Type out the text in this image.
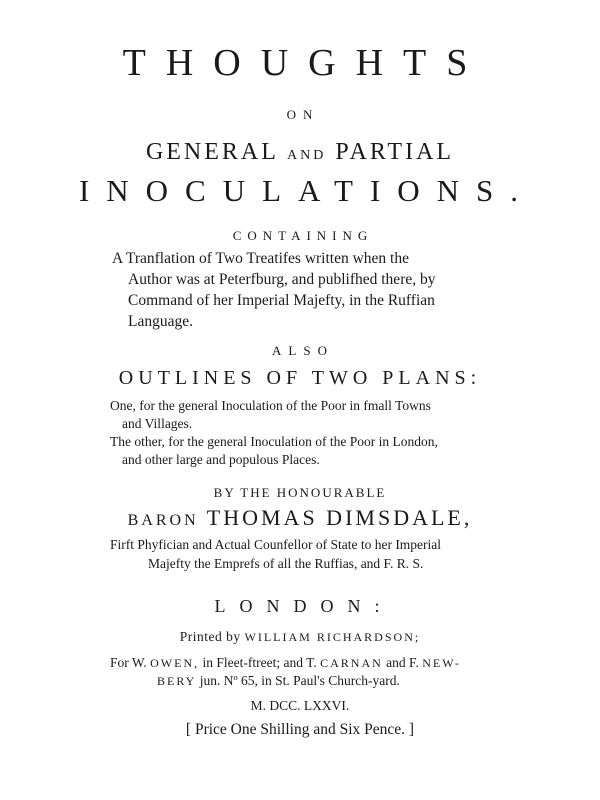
THOUGHTS
ON
GENERAL AND PARTIAL
INOCULATIONS.
CONTAINING
A Tranflation of Two Treatifes written when the
Author was at Peterfburg, and publifhed there, by
Command of her Imperial Majefty, in the Ruffian
Language.
ALSO
OUTLINES OF TWO PLANS:
One, for the general Inoculation of the Poor in fmall Towns
and Villages.
The other, for the general Inoculation of the Poor in London,
and other large and populous Places.
BY THE HONOURABLE
BARON THOMAS DIMSDALE,
Firft Phyfician and Actual Counfellor of State to her Imperial
Majefty the Emprefs of all the Ruffias, and F. R. S.
LONDON:
Printed by WILLIAM RICHARDSON;
For W. OWEN, in Fleet-ftreet; and T. CARNAN and F. NEW-
BERY jun. Nº 65, in St. Paul's Church-yard.
M. DCC. LXXVI.
[ Price One Shilling and Six Pence. ]
